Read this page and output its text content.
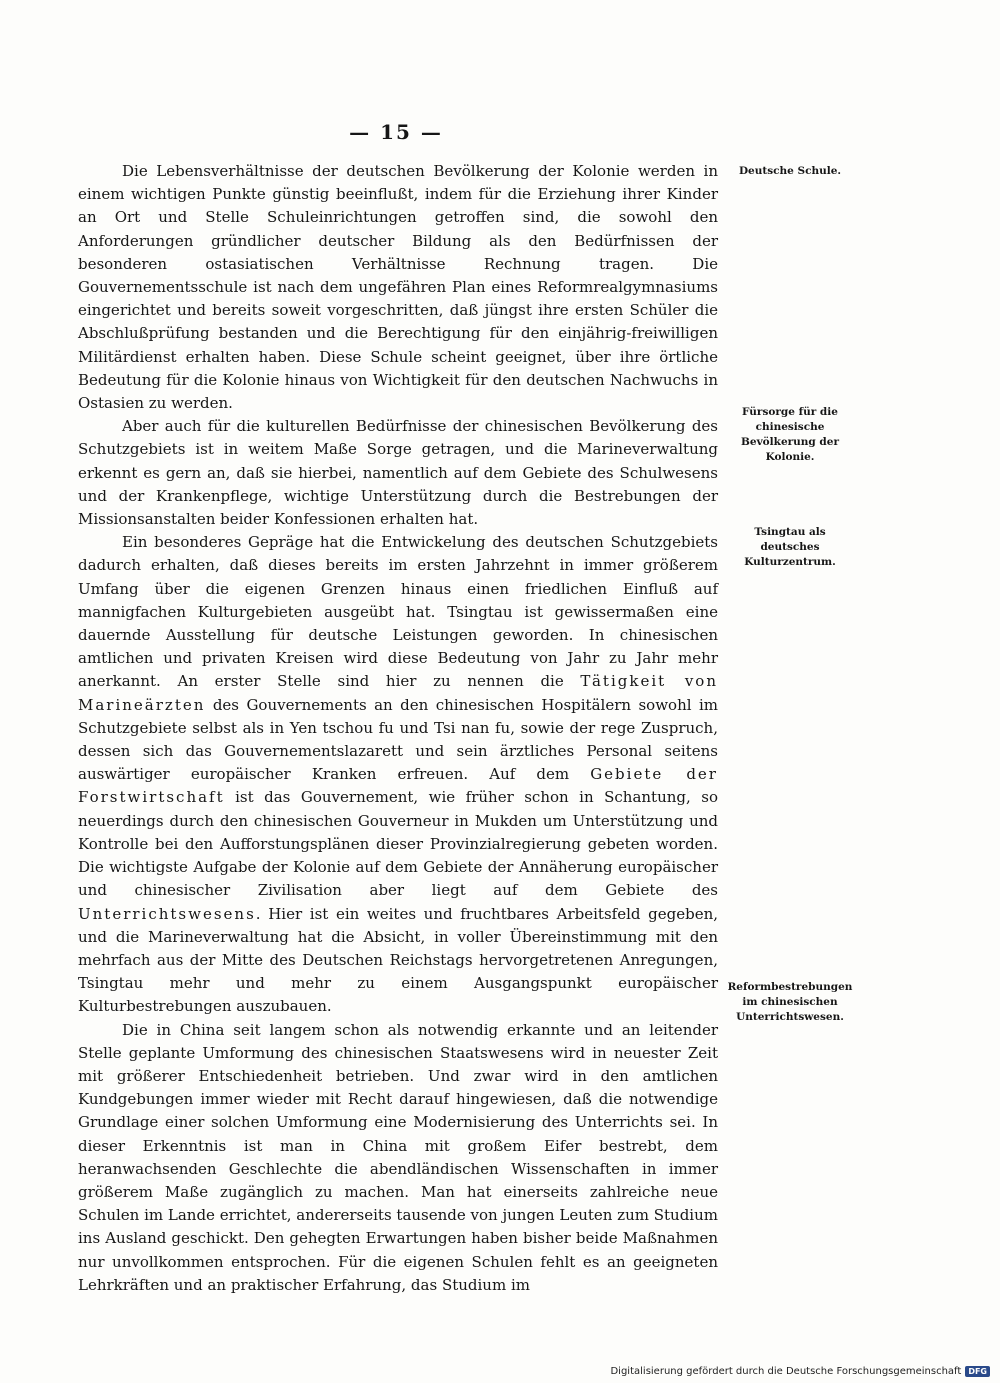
— 15 —

Die Lebensverhältnisse der deutschen Bevölkerung der Kolonie werden in einem wichtigen Punkte günstig beeinflußt, indem für die Erziehung ihrer Kinder an Ort und Stelle Schuleinrichtungen getroffen sind, die sowohl den Anforderungen gründlicher deutscher Bildung als den Bedürfnissen der besonderen ostasiatischen Verhältnisse Rechnung tragen. Die Gouvernementsschule ist nach dem ungefähren Plan eines Reformrealgymnasiums eingerichtet und bereits soweit vorgeschritten, daß jüngst ihre ersten Schüler die Abschlußprüfung bestanden und die Berechtigung für den einjährig-freiwilligen Militärdienst erhalten haben. Diese Schule scheint geeignet, über ihre örtliche Bedeutung für die Kolonie hinaus von Wichtigkeit für den deutschen Nachwuchs in Ostasien zu werden.

Aber auch für die kulturellen Bedürfnisse der chinesischen Bevölkerung des Schutzgebiets ist in weitem Maße Sorge getragen, und die Marineverwaltung erkennt es gern an, daß sie hierbei, namentlich auf dem Gebiete des Schulwesens und der Krankenpflege, wichtige Unterstützung durch die Bestrebungen der Missionsanstalten beider Konfessionen erhalten hat.

Ein besonderes Gepräge hat die Entwickelung des deutschen Schutzgebiets dadurch erhalten, daß dieses bereits im ersten Jahrzehnt in immer größerem Umfang über die eigenen Grenzen hinaus einen friedlichen Einfluß auf mannigfachen Kulturgebieten ausgeübt hat. Tsingtau ist gewissermaßen eine dauernde Ausstellung für deutsche Leistungen geworden. In chinesischen amtlichen und privaten Kreisen wird diese Bedeutung von Jahr zu Jahr mehr anerkannt. An erster Stelle sind hier zu nennen die Tätigkeit von Marineärzten des Gouvernements an den chinesischen Hospitälern sowohl im Schutzgebiete selbst als in Yen tschou fu und Tsi nan fu, sowie der rege Zuspruch, dessen sich das Gouvernementslazarett und sein ärztliches Personal seitens auswärtiger europäischer Kranken erfreuen. Auf dem Gebiete der Forstwirtschaft ist das Gouvernement, wie früher schon in Schantung, so neuerdings durch den chinesischen Gouverneur in Mukden um Unterstützung und Kontrolle bei den Aufforstungsplänen dieser Provinzialregierung gebeten worden. Die wichtigste Aufgabe der Kolonie auf dem Gebiete der Annäherung europäischer und chinesischer Zivilisation aber liegt auf dem Gebiete des Unterrichtswesens. Hier ist ein weites und fruchtbares Arbeitsfeld gegeben, und die Marineverwaltung hat die Absicht, in voller Übereinstimmung mit den mehrfach aus der Mitte des Deutschen Reichstags hervorgetretenen Anregungen, Tsingtau mehr und mehr zu einem Ausgangspunkt europäischer Kulturbestrebungen auszubauen.

Die in China seit langem schon als notwendig erkannte und an leitender Stelle geplante Umformung des chinesischen Staatswesens wird in neuester Zeit mit größerer Entschiedenheit betrieben. Und zwar wird in den amtlichen Kundgebungen immer wieder mit Recht darauf hingewiesen, daß die notwendige Grundlage einer solchen Umformung eine Modernisierung des Unterrichts sei. In dieser Erkenntnis ist man in China mit großem Eifer bestrebt, dem heranwachsenden Geschlechte die abendländischen Wissenschaften in immer größerem Maße zugänglich zu machen. Man hat einerseits zahlreiche neue Schulen im Lande errichtet, andererseits tausende von jungen Leuten zum Studium ins Ausland geschickt. Den gehegten Erwartungen haben bisher beide Maßnahmen nur unvollkommen entsprochen. Für die eigenen Schulen fehlt es an geeigneten Lehrkräften und an praktischer Erfahrung, das Studium im

Deutsche Schule.
Fürsorge für die chinesische Bevölkerung der Kolonie.
Tsingtau als deutsches Kulturzentrum.
Reformbestrebungen im chinesischen Unterrichtswesen.
Digitalisierung gefördert durch die Deutsche Forschungsgemeinschaft DFG
